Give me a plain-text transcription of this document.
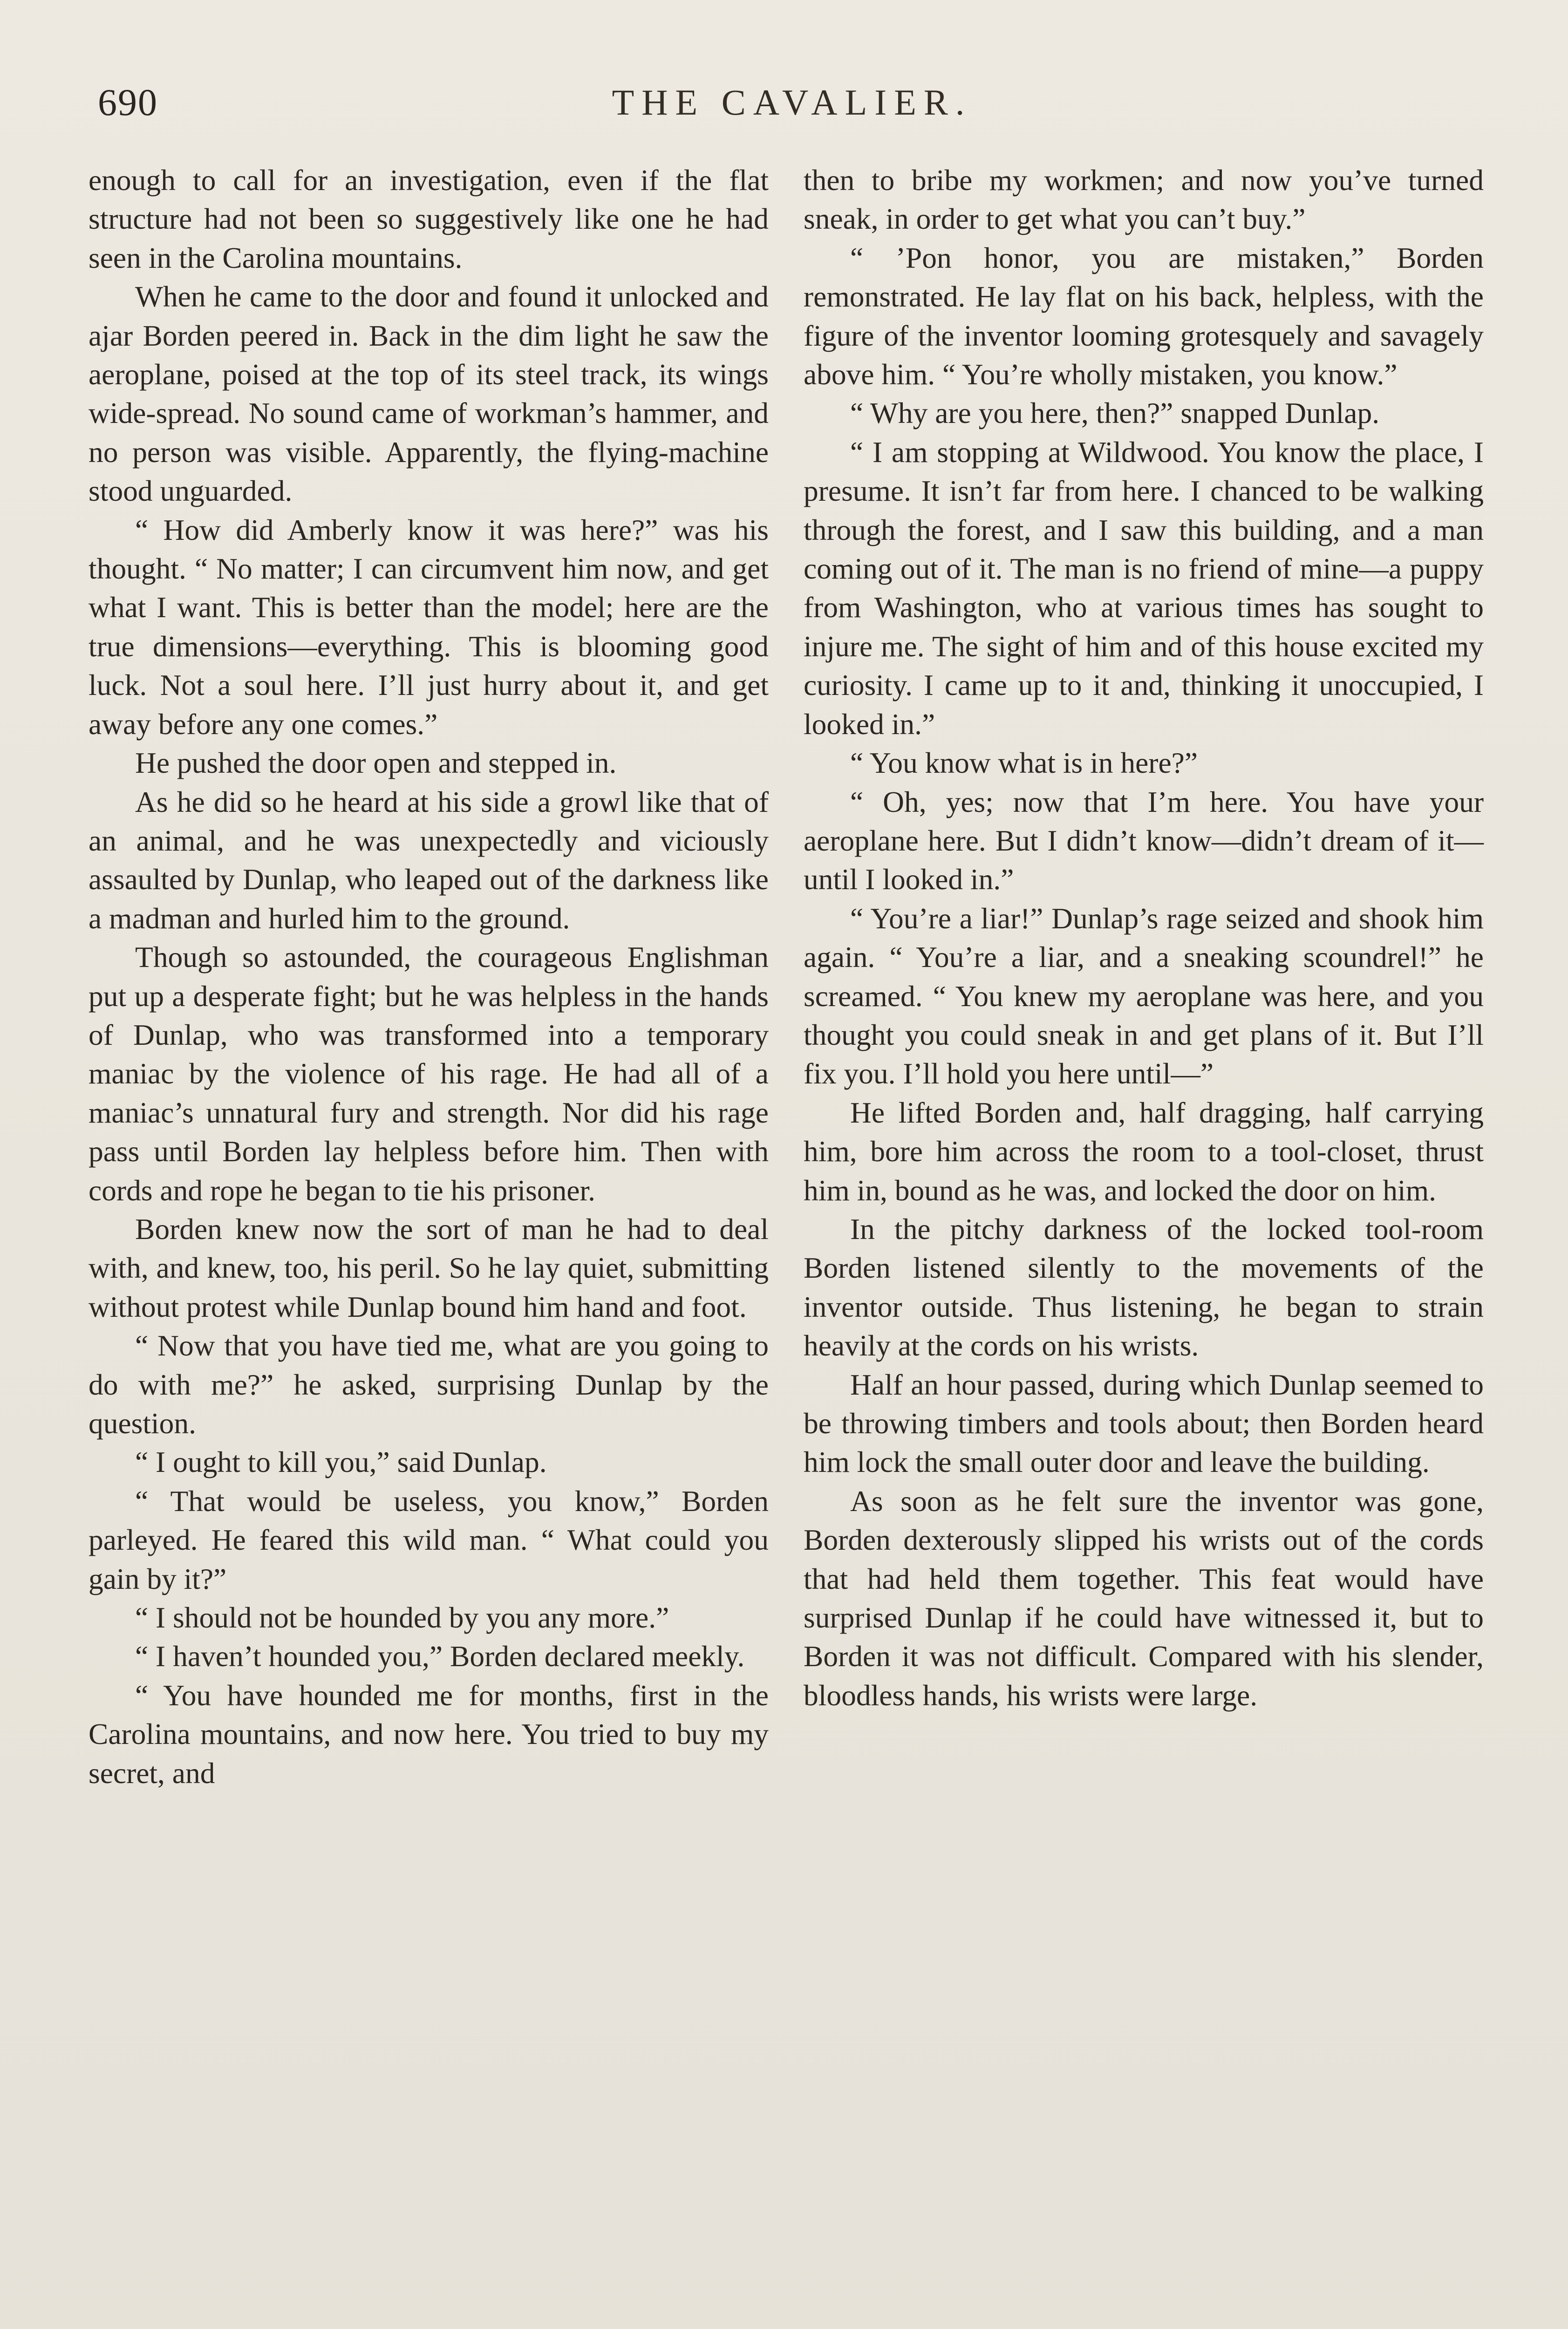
690	THE CAVALIER.

enough to call for an investigation, even if the flat structure had not been so suggestively like one he had seen in the Carolina mountains.

When he came to the door and found it unlocked and ajar Borden peered in. Back in the dim light he saw the aeroplane, poised at the top of its steel track, its wings wide-spread. No sound came of workman’s hammer, and no person was visible. Apparently, the flying-machine stood unguarded.

“ How did Amberly know it was here?” was his thought. “ No matter; I can circumvent him now, and get what I want. This is better than the model; here are the true dimensions—everything. This is blooming good luck. Not a soul here. I’ll just hurry about it, and get away before any one comes.”

He pushed the door open and stepped in.

As he did so he heard at his side a growl like that of an animal, and he was unexpectedly and viciously assaulted by Dunlap, who leaped out of the darkness like a madman and hurled him to the ground.

Though so astounded, the courageous Englishman put up a desperate fight; but he was helpless in the hands of Dunlap, who was transformed into a temporary maniac by the violence of his rage. He had all of a maniac’s unnatural fury and strength. Nor did his rage pass until Borden lay helpless before him. Then with cords and rope he began to tie his prisoner.

Borden knew now the sort of man he had to deal with, and knew, too, his peril. So he lay quiet, submitting without protest while Dunlap bound him hand and foot.

“ Now that you have tied me, what are you going to do with me?” he asked, surprising Dunlap by the question.

“ I ought to kill you,” said Dunlap.

“ That would be useless, you know,” Borden parleyed. He feared this wild man. “ What could you gain by it?”

“ I should not be hounded by you any more.”

“ I haven’t hounded you,” Borden declared meekly.

“ You have hounded me for months, first in the Carolina mountains, and now here. You tried to buy my secret, and

then to bribe my workmen; and now you’ve turned sneak, in order to get what you can’t buy.”

“ ’Pon honor, you are mistaken,” Borden remonstrated. He lay flat on his back, helpless, with the figure of the inventor looming grotesquely and savagely above him. “ You’re wholly mistaken, you know.”

“ Why are you here, then?” snapped Dunlap.

“ I am stopping at Wildwood. You know the place, I presume. It isn’t far from here. I chanced to be walking through the forest, and I saw this building, and a man coming out of it. The man is no friend of mine—a puppy from Washington, who at various times has sought to injure me. The sight of him and of this house excited my curiosity. I came up to it and, thinking it unoccupied, I looked in.”

“ You know what is in here?”

“ Oh, yes; now that I’m here. You have your aeroplane here. But I didn’t know—didn’t dream of it—until I looked in.”

“ You’re a liar!” Dunlap’s rage seized and shook him again. “ You’re a liar, and a sneaking scoundrel!” he screamed. “ You knew my aeroplane was here, and you thought you could sneak in and get plans of it. But I’ll fix you. I’ll hold you here until—”

He lifted Borden and, half dragging, half carrying him, bore him across the room to a tool-closet, thrust him in, bound as he was, and locked the door on him.

In the pitchy darkness of the locked tool-room Borden listened silently to the movements of the inventor outside. Thus listening, he began to strain heavily at the cords on his wrists.

Half an hour passed, during which Dunlap seemed to be throwing timbers and tools about; then Borden heard him lock the small outer door and leave the building.

As soon as he felt sure the inventor was gone, Borden dexterously slipped his wrists out of the cords that had held them together. This feat would have surprised Dunlap if he could have witnessed it, but to Borden it was not difficult. Compared with his slender, bloodless hands, his wrists were large.
